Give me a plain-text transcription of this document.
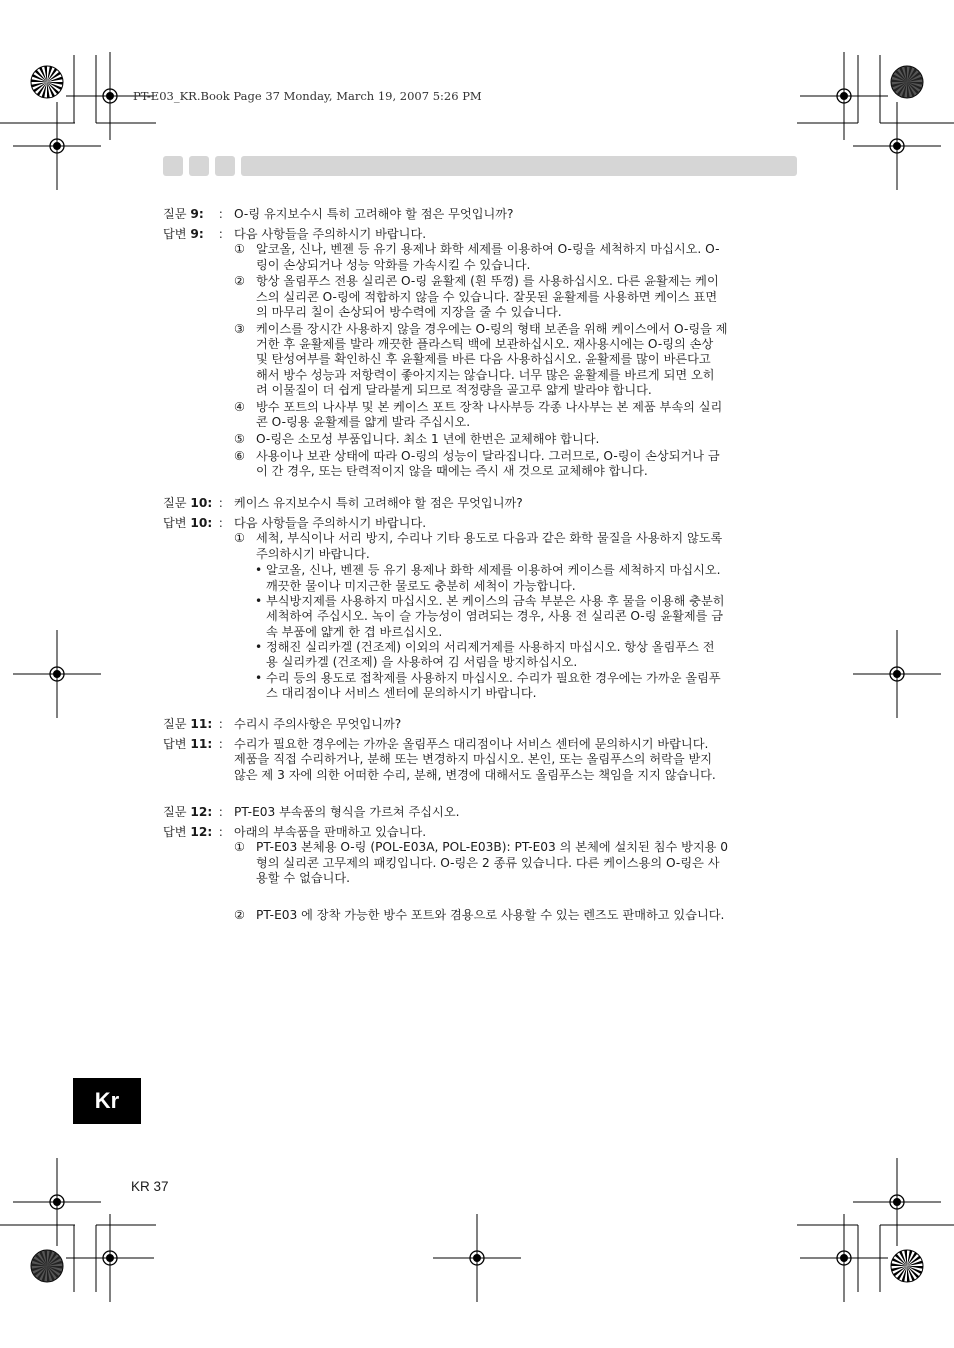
PT-E03_KR.Book Page 37 Monday, March 19, 2007 5:26 PM
질문 9: ： O-링 유지보수시 특히 고려해야 할 점은 무엇입니까?
답변 9: ： 다음 사항들을 주의하시기 바랍니다.
① 알코올, 신나, 벤젠 등 유기 용제나 화학 세제를 이용하여 O-링을 세척하지 마십시오. O-
링이 손상되거나 성능 악화를 가속시킬 수 있습니다.
② 항상 올림푸스 전용 실리콘 O-링 윤활제 (흰 뚜껑) 를 사용하십시오. 다른 윤활제는 케이
스의 실리콘 O-링에 적합하지 않을 수 있습니다. 잘못된 윤활제를 사용하면 케이스 표면
의 마무리 칠이 손상되어 방수력에 지장을 줄 수 있습니다.
③ 케이스를 장시간 사용하지 않을 경우에는 O-링의 형태 보존을 위해 케이스에서 O-링을 제
거한 후 윤활제를 발라 깨끗한 플라스틱 백에 보관하십시오. 재사용시에는 O-링의 손상
및 탄성여부를 확인하신 후 윤활제를 바른 다음 사용하십시오. 윤활제를 많이 바른다고
해서 방수 성능과 저항력이 좋아지지는 않습니다. 너무 많은 윤활제를 바르게 되면 오히
려 이물질이 더 쉽게 달라붙게 되므로 적정량을 골고루 얇게 발라야 합니다.
④ 방수 포트의 나사부 및 본 케이스 포트 장착 나사부등 각종 나사부는 본 제품 부속의 실리
콘 O-링용 윤활제를 얇게 발라 주십시오.
⑤ O-링은 소모성 부품입니다. 최소 1 년에 한번은 교체해야 합니다.
⑥ 사용이나 보관 상태에 따라 O-링의 성능이 달라집니다. 그러므로, O-링이 손상되거나 금
이 간 경우, 또는 탄력적이지 않을 때에는 즉시 새 것으로 교체해야 합니다.
질문 10: ： 케이스 유지보수시 특히 고려해야 할 점은 무엇입니까?
답변 10: ： 다음 사항들을 주의하시기 바랍니다.
① 세척, 부식이나 서리 방지, 수리나 기타 용도로 다음과 같은 화학 물질을 사용하지 않도록
주의하시기 바랍니다.
• 알코올, 신나, 벤젠 등 유기 용제나 화학 세제를 이용하여 케이스를 세척하지 마십시오.
깨끗한 물이나 미지근한 물로도 충분히 세척이 가능합니다.
• 부식방지제를 사용하지 마십시오. 본 케이스의 금속 부분은 사용 후 물을 이용해 충분히
세척하여 주십시오. 녹이 슬 가능성이 염려되는 경우, 사용 전 실리콘 O-링 윤활제를 금
속 부품에 얇게 한 겹 바르십시오.
• 정해진 실리카겔 (건조제) 이외의 서리제거제를 사용하지 마십시오. 항상 올림푸스 전
용 실리카겔 (건조제) 을 사용하여 김 서림을 방지하십시오.
• 수리 등의 용도로 접착제를 사용하지 마십시오. 수리가 필요한 경우에는 가까운 올림푸
스 대리점이나 서비스 센터에 문의하시기 바랍니다.
질문 11: ： 수리시 주의사항은 무엇입니까?
답변 11: ： 수리가 필요한 경우에는 가까운 올림푸스 대리점이나 서비스 센터에 문의하시기 바랍니다.
제품을 직접 수리하거나, 분해 또는 변경하지 마십시오. 본인, 또는 올림푸스의 허락을 받지
않은 제 3 자에 의한 어떠한 수리, 분해, 변경에 대해서도 올림푸스는 책임을 지지 않습니다.
질문 12: ： PT-E03 부속품의 형식을 가르쳐 주십시오.
답변 12: ： 아래의 부속품을 판매하고 있습니다.
① PT-E03 본체용 O-링 (POL-E03A, POL-E03B): PT-E03 의 본체에 설치된 침수 방지용 0
형의 실리콘 고무제의 패킹입니다. O-링은 2 종류 있습니다. 다른 케이스용의 O-링은 사
용할 수 없습니다.
② PT-E03 에 장착 가능한 방수 포트와 겸용으로 사용할 수 있는 렌즈도 판매하고 있습니다.
Kr
KR 37
